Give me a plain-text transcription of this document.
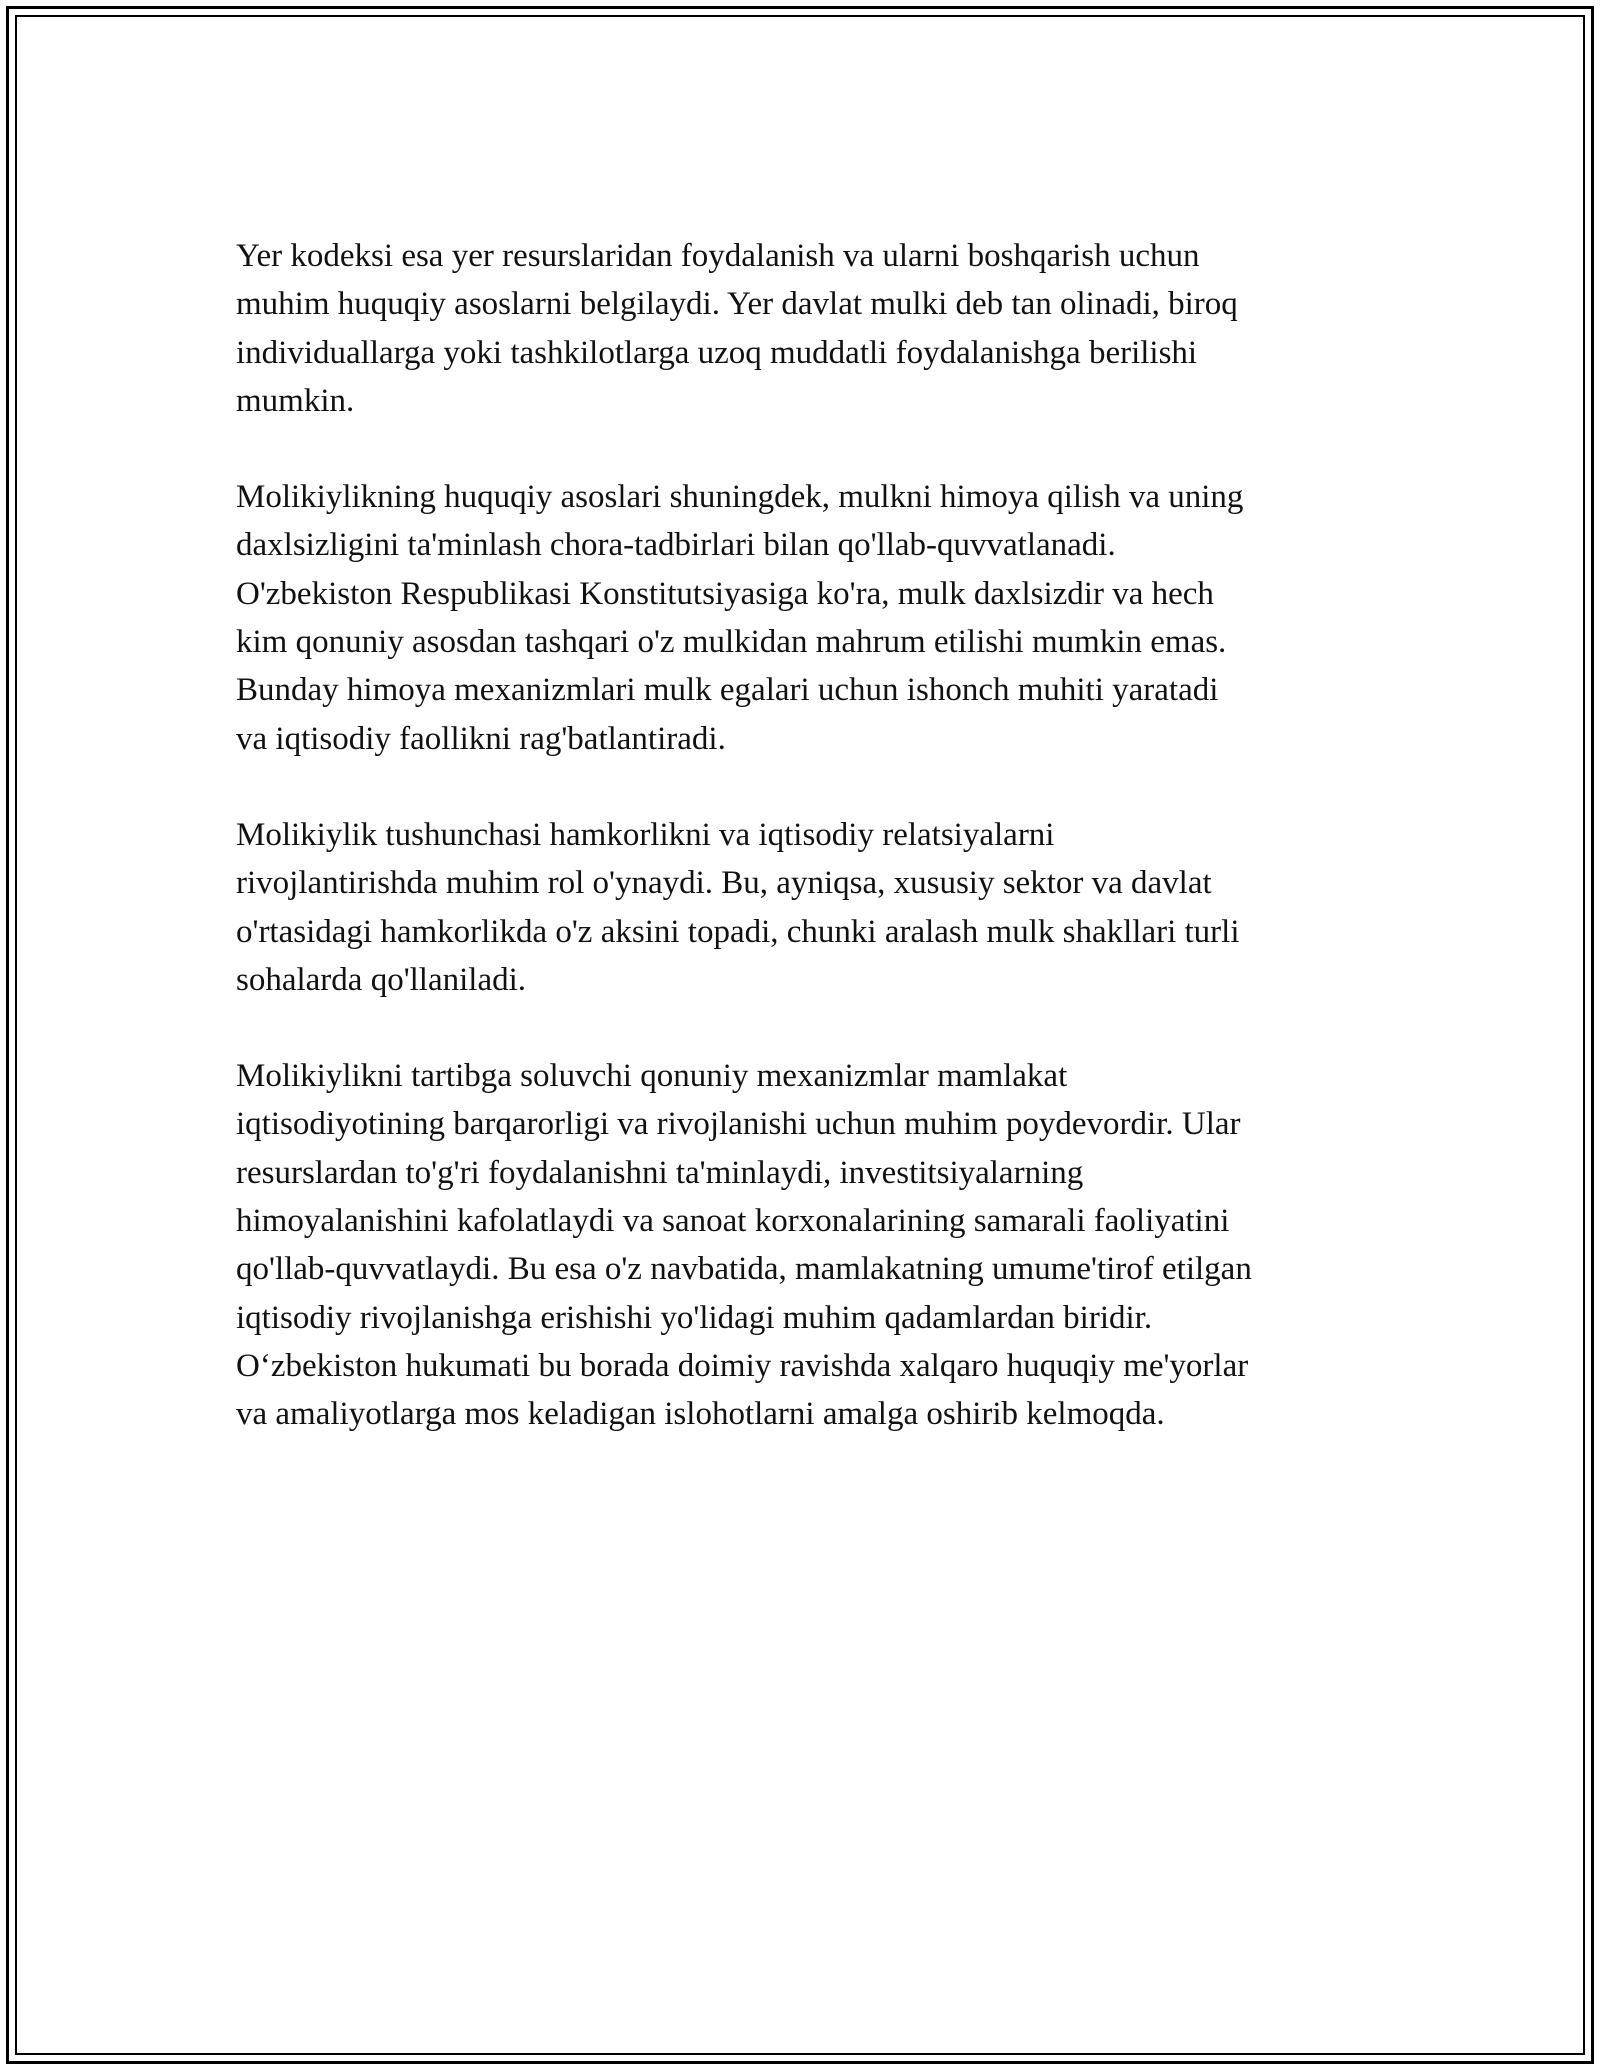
Yer kodeksi esa yer resurslaridan foydalanish va ularni boshqarish uchun
muhim huquqiy asoslarni belgilaydi. Yer davlat mulki deb tan olinadi, biroq
individuallarga yoki tashkilotlarga uzoq muddatli foydalanishga berilishi
mumkin.

Molikiylikning huquqiy asoslari shuningdek, mulkni himoya qilish va uning
daxlsizligini ta'minlash chora-tadbirlari bilan qo'llab-quvvatlanadi.
O'zbekiston Respublikasi Konstitutsiyasiga ko'ra, mulk daxlsizdir va hech
kim qonuniy asosdan tashqari o'z mulkidan mahrum etilishi mumkin emas.
Bunday himoya mexanizmlari mulk egalari uchun ishonch muhiti yaratadi
va iqtisodiy faollikni rag'batlantiradi.

Molikiylik tushunchasi hamkorlikni va iqtisodiy relatsiyalarni
rivojlantirishda muhim rol o'ynaydi. Bu, ayniqsa, xususiy sektor va davlat
o'rtasidagi hamkorlikda o'z aksini topadi, chunki aralash mulk shakllari turli
sohalarda qo'llaniladi.

Molikiylikni tartibga soluvchi qonuniy mexanizmlar mamlakat
iqtisodiyotining barqarorligi va rivojlanishi uchun muhim poydevordir. Ular
resurslardan to'g'ri foydalanishni ta'minlaydi, investitsiyalarning
himoyalanishini kafolatlaydi va sanoat korxonalarining samarali faoliyatini
qo'llab-quvvatlaydi. Bu esa o'z navbatida, mamlakatning umume'tirof etilgan
iqtisodiy rivojlanishga erishishi yo'lidagi muhim qadamlardan biridir.
O‘zbekiston hukumati bu borada doimiy ravishda xalqaro huquqiy me'yorlar
va amaliyotlarga mos keladigan islohotlarni amalga oshirib kelmoqda.
